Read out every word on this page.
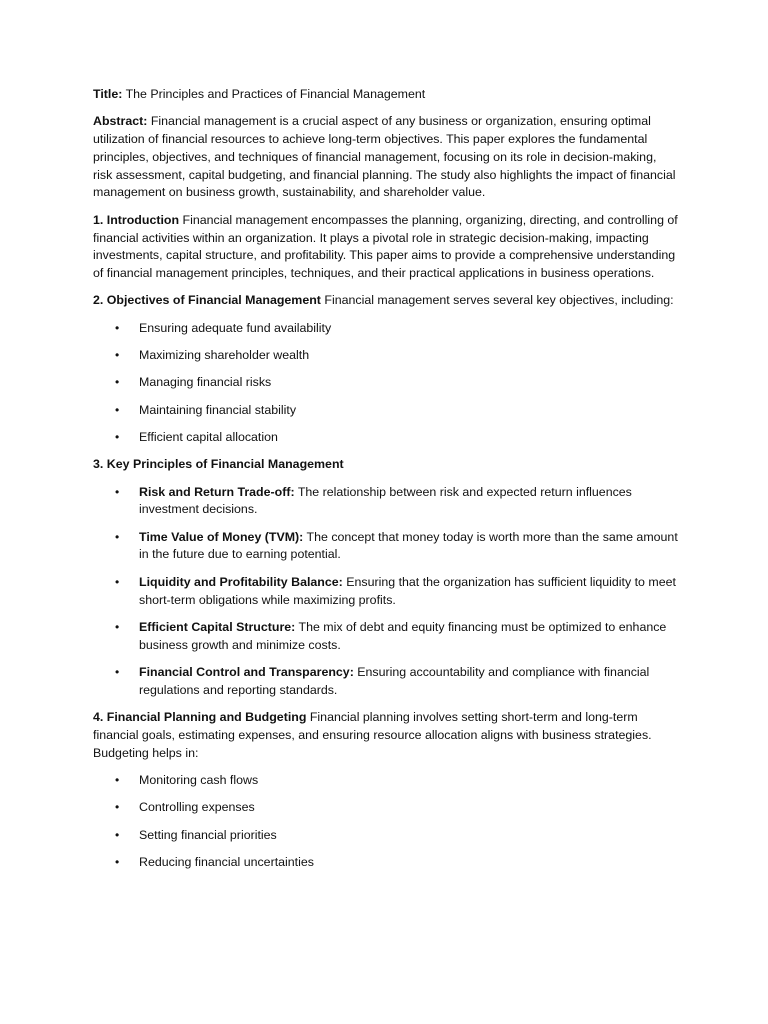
Title: The Principles and Practices of Financial Management

Abstract: Financial management is a crucial aspect of any business or organization, ensuring optimal utilization of financial resources to achieve long-term objectives. This paper explores the fundamental principles, objectives, and techniques of financial management, focusing on its role in decision-making, risk assessment, capital budgeting, and financial planning. The study also highlights the impact of financial management on business growth, sustainability, and shareholder value.

1. Introduction Financial management encompasses the planning, organizing, directing, and controlling of financial activities within an organization. It plays a pivotal role in strategic decision-making, impacting investments, capital structure, and profitability. This paper aims to provide a comprehensive understanding of financial management principles, techniques, and their practical applications in business operations.

2. Objectives of Financial Management Financial management serves several key objectives, including:

• Ensuring adequate fund availability
• Maximizing shareholder wealth
• Managing financial risks
• Maintaining financial stability
• Efficient capital allocation

3. Key Principles of Financial Management

• Risk and Return Trade-off: The relationship between risk and expected return influences investment decisions.
• Time Value of Money (TVM): The concept that money today is worth more than the same amount in the future due to earning potential.
• Liquidity and Profitability Balance: Ensuring that the organization has sufficient liquidity to meet short-term obligations while maximizing profits.
• Efficient Capital Structure: The mix of debt and equity financing must be optimized to enhance business growth and minimize costs.
• Financial Control and Transparency: Ensuring accountability and compliance with financial regulations and reporting standards.

4. Financial Planning and Budgeting Financial planning involves setting short-term and long-term financial goals, estimating expenses, and ensuring resource allocation aligns with business strategies. Budgeting helps in:

• Monitoring cash flows
• Controlling expenses
• Setting financial priorities
• Reducing financial uncertainties
